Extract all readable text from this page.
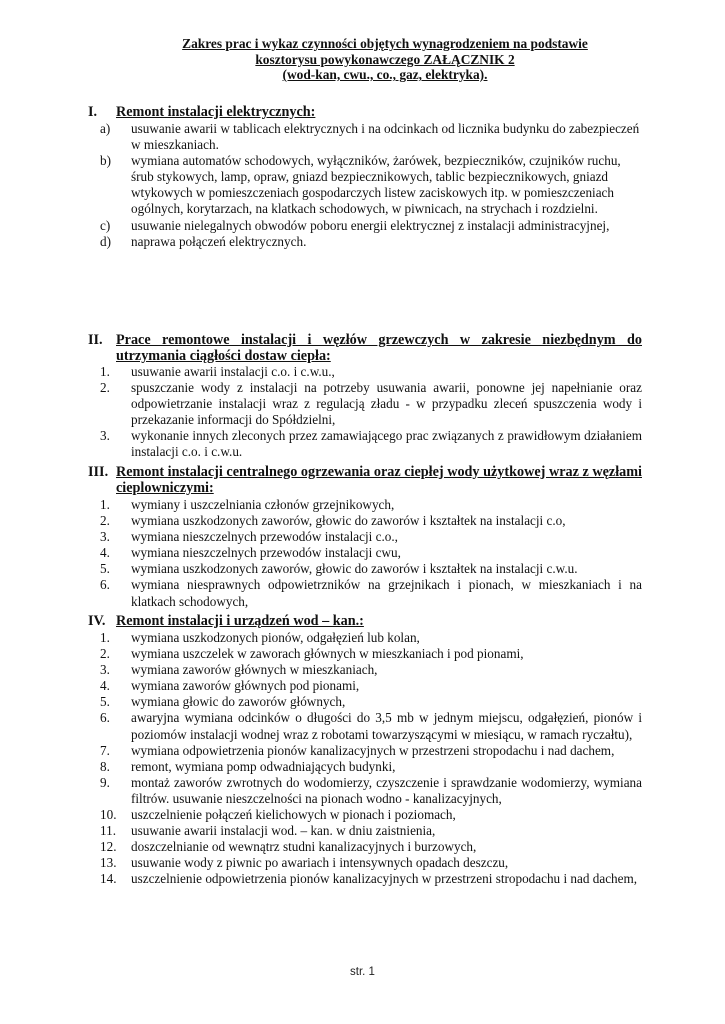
Zakres prac i wykaz czynności objętych wynagrodzeniem na podstawie
kosztorysu powykonawczego ZAŁĄCZNIK 2
(wod-kan, cwu., co., gaz, elektryka).
I.	Remont instalacji elektrycznych:
a)	usuwanie awarii w tablicach elektrycznych i na odcinkach od licznika budynku do zabezpieczeń w mieszkaniach.
b)	wymiana automatów schodowych, wyłączników, żarówek, bezpieczników, czujników ruchu, śrub stykowych, lamp, opraw, gniazd bezpiecznikowych, tablic bezpiecznikowych, gniazd wtykowych w pomieszczeniach gospodarczych listew zaciskowych itp. w pomieszczeniach ogólnych, korytarzach, na klatkach schodowych, w piwnicach, na strychach i rozdzielni.
c)	usuwanie nielegalnych obwodów poboru energii elektrycznej z instalacji administracyjnej,
d)	naprawa połączeń elektrycznych.
II. Prace remontowe instalacji i węzłów grzewczych w zakresie niezbędnym do utrzymania ciągłości dostaw ciepła:
1.	usuwanie awarii instalacji c.o. i c.w.u.,
2.	spuszczanie wody z instalacji na potrzeby usuwania awarii, ponowne jej napełnianie oraz odpowietrzanie instalacji wraz z regulacją zładu - w przypadku zleceń spuszczenia wody i przekazanie informacji do Spółdzielni,
3.	wykonanie innych zleconych przez zamawiającego prac związanych z prawidłowym działaniem instalacji c.o. i c.w.u.
III. Remont instalacji centralnego ogrzewania oraz ciepłej wody użytkowej wraz z węzłami cieplowniczymi:
1.	wymiany i uszczelniania członów grzejnikowych,
2.	wymiana uszkodzonych zaworów, głowic do zaworów i kształtek na instalacji c.o,
3.	wymiana nieszczelnych przewodów instalacji c.o.,
4.	wymiana nieszczelnych przewodów instalacji cwu,
5.	wymiana uszkodzonych zaworów, głowic do zaworów i kształtek na instalacji c.w.u.
6.	wymiana niesprawnych odpowietrzników na grzejnikach i pionach, w mieszkaniach i na klatkach schodowych,
IV. Remont instalacji i urządzeń wod – kan.:
1.	wymiana uszkodzonych pionów, odgałęzień lub kolan,
2.	wymiana uszczelek w zaworach głównych w mieszkaniach i pod pionami,
3.	wymiana zaworów głównych w mieszkaniach,
4.	wymiana zaworów głównych pod pionami,
5.	wymiana głowic do zaworów głównych,
6.	awaryjna wymiana odcinków o długości do 3,5 mb w jednym miejscu, odgałęzień, pionów i poziomów instalacji wodnej wraz z robotami towarzyszącymi w miesiącu, w ramach ryczałtu),
7.	wymiana odpowietrzenia pionów kanalizacyjnych w przestrzeni stropodachu i nad dachem,
8.	remont, wymiana pomp odwadniających budynki,
9.	montaż zaworów zwrotnych do wodomierzy, czyszczenie i sprawdzanie wodomierzy, wymiana filtrów. usuwanie nieszczelności na pionach wodno - kanalizacyjnych,
10.	uszczelnienie połączeń kielichowych w pionach i poziomach,
11.	usuwanie awarii instalacji wod. – kan. w dniu zaistnienia,
12.	doszczelnianie od wewnątrz studni kanalizacyjnych i burzowych,
13.	usuwanie wody z piwnic po awariach i intensywnych opadach deszczu,
14.	uszczelnienie odpowietrzenia pionów kanalizacyjnych w przestrzeni stropodachu i nad dachem,
str. 1
